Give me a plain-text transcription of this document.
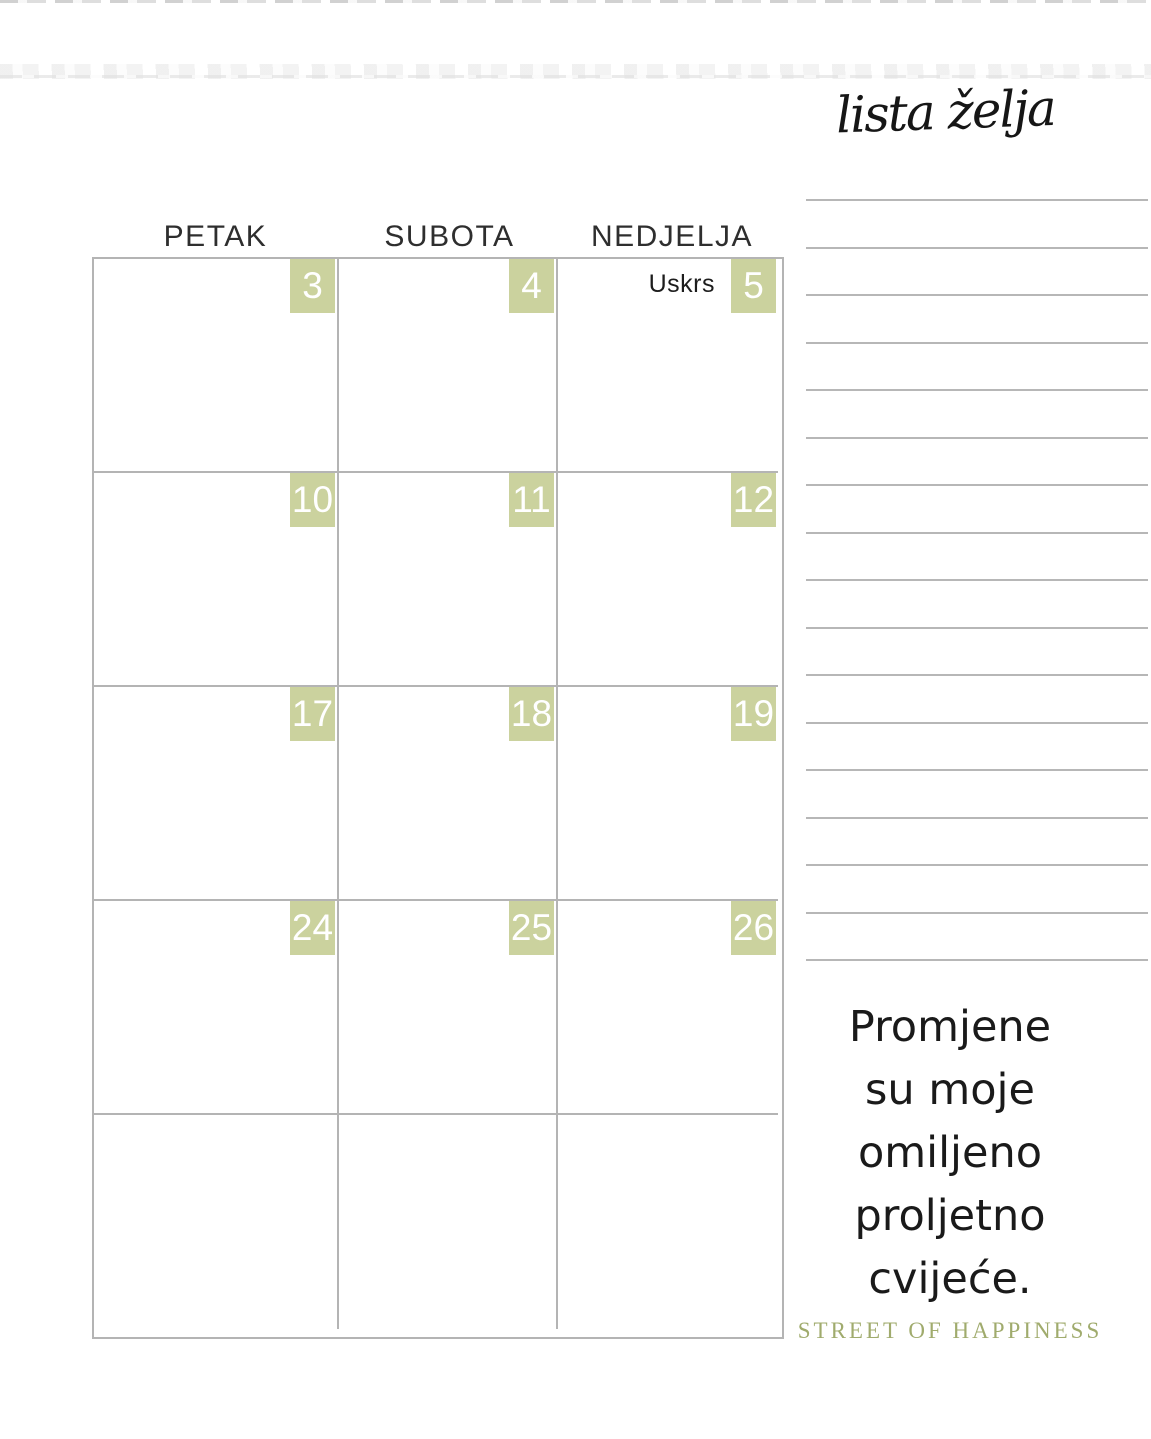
lista želja
PETAK	SUBOTA	NEDJELJA
3	4	Uskrs 5
10	11	12
17	18	19
24	25	26
Promjene
su moje
omiljeno
proljetno
cvijeće.
STREET OF HAPPINESS
